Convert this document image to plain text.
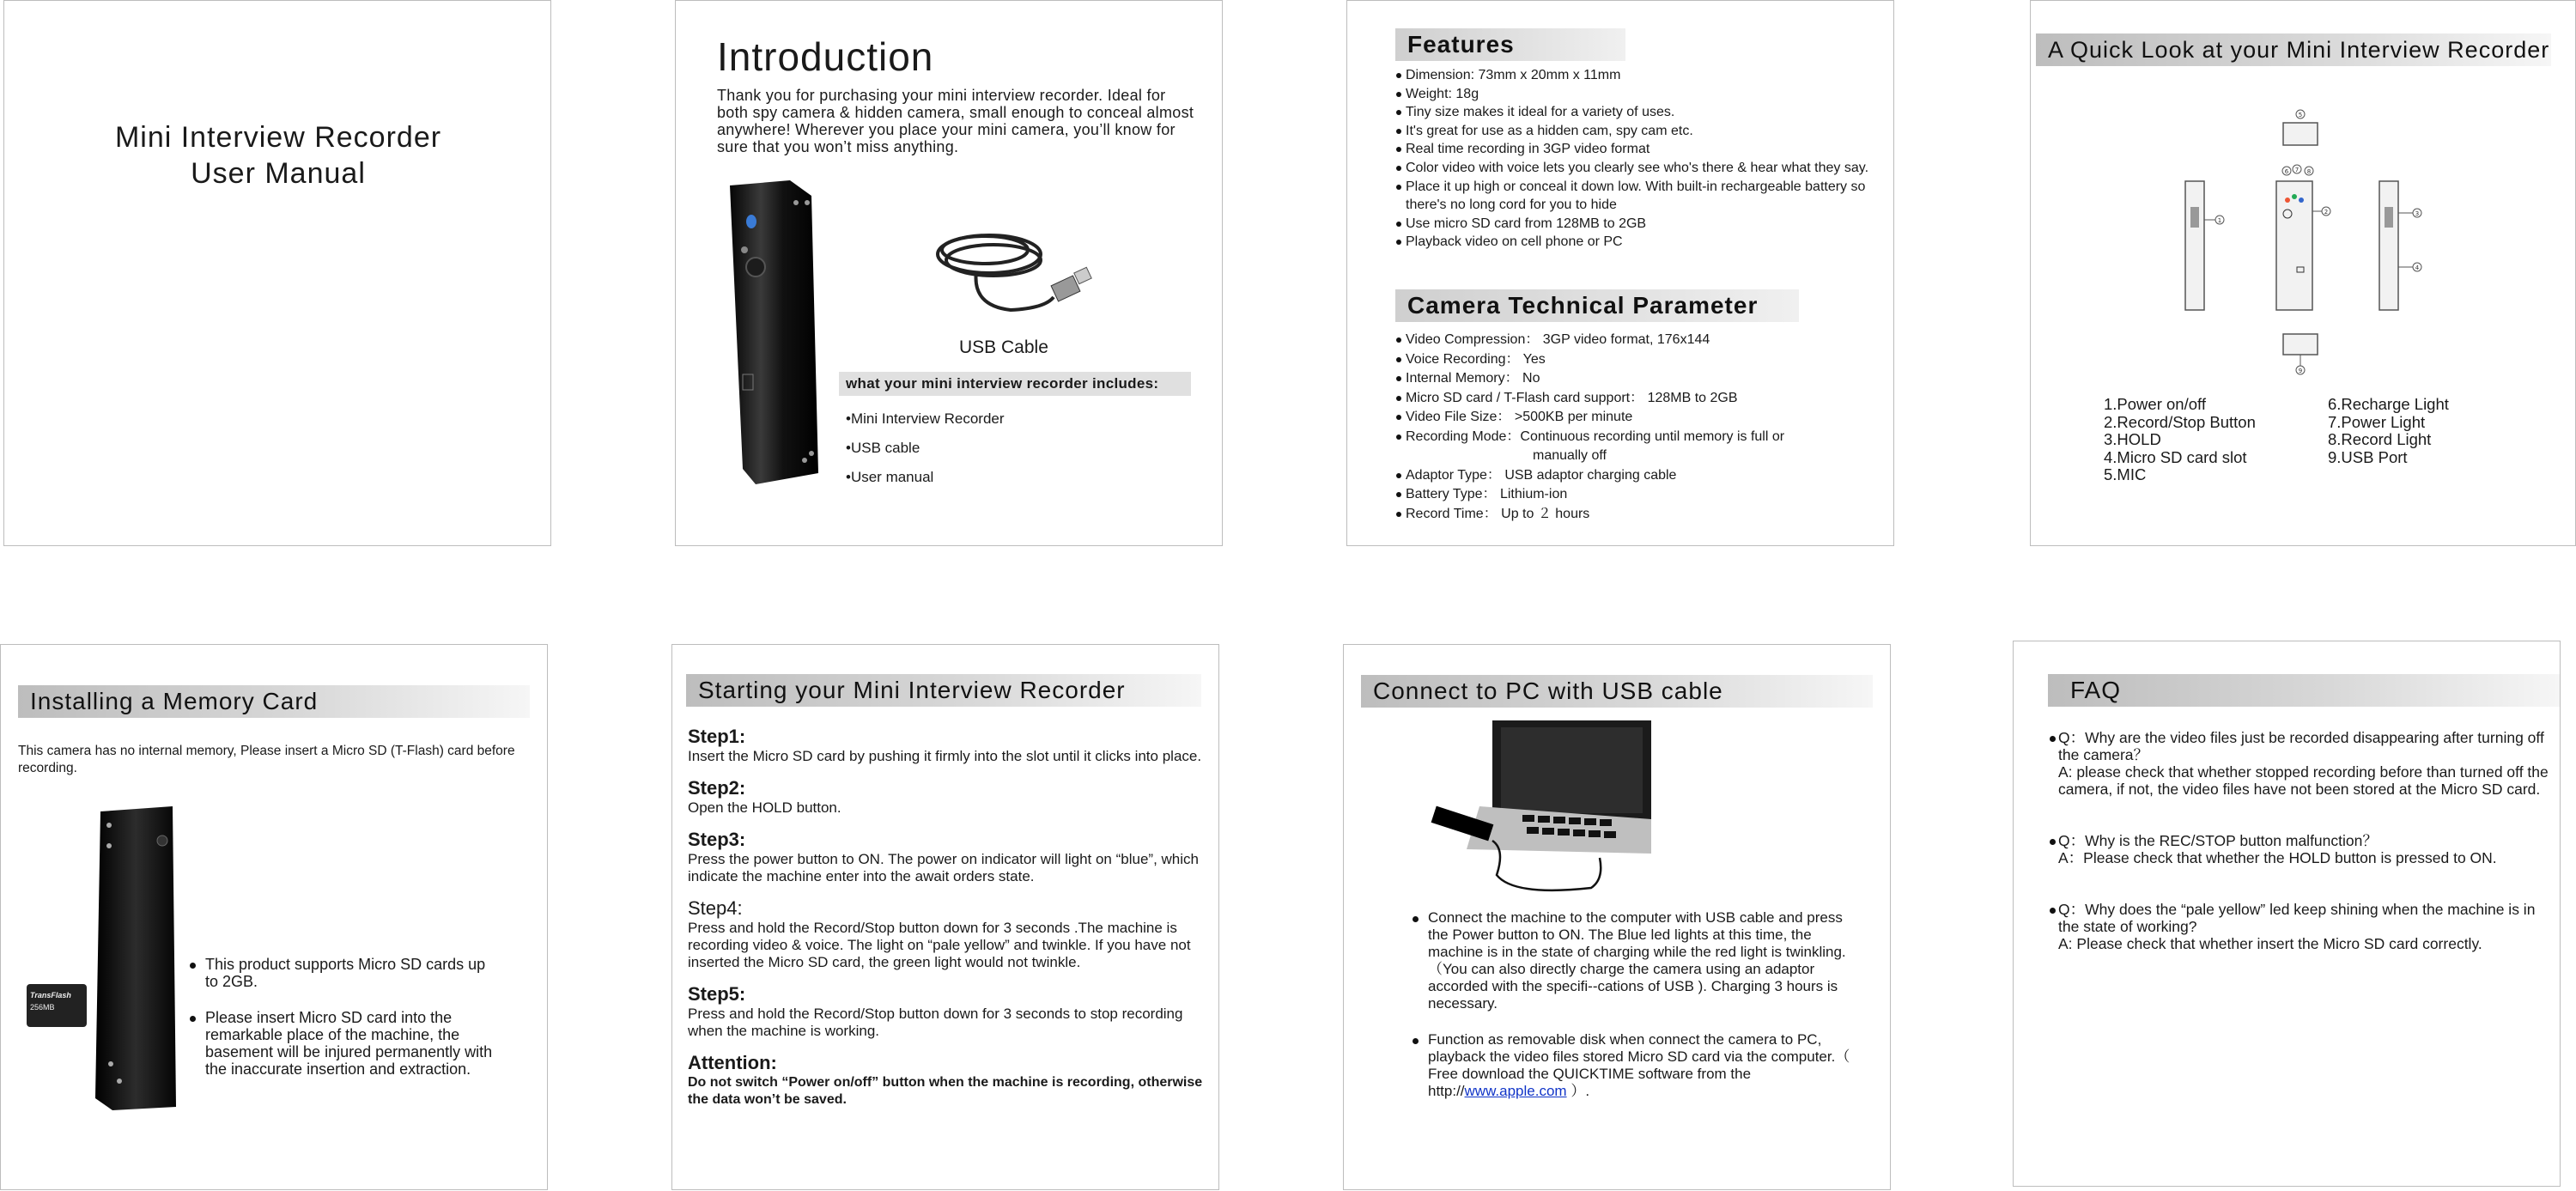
Mini Interview Recorder
User Manual
Introduction
Thank you for purchasing your mini interview recorder. Ideal for both spy camera & hidden camera, small enough to conceal almost anywhere! Wherever you place your mini camera, you’ll know for sure that you won’t miss anything.
USB Cable
what your mini interview recorder includes:
•Mini Interview Recorder
•USB cable
•User manual
Features
Dimension: 73mm x 20mm x 11mm
Weight: 18g
Tiny size makes it ideal for a variety of uses.
It's great for use as a hidden cam, spy cam etc.
Real time recording in 3GP video format
Color video with voice lets you clearly see who's there & hear what they say.
Place it up high or conceal it down low. With built-in rechargeable battery so there's no long cord for you to hide
Use micro SD card from 128MB to 2GB
Playback video on cell phone or PC
Camera Technical Parameter
Video Compression： 3GP video format, 176x144
Voice Recording： Yes
Internal Memory： No
Micro SD card / T-Flash card support： 128MB to 2GB
Video File Size： >500KB per minute
Recording Mode：Continuous recording until memory is full or
manually off
Adaptor Type： USB adaptor charging cable
Battery Type： Lithium-ion
Record Time： Up to ２ hours
A Quick Look at your Mini Interview Recorder
5
1
2	3
4
9
6 7 8
1.Power on/off
2.Record/Stop Button
3.HOLD
4.Micro SD card slot
5.MIC
6.Recharge Light
7.Power Light
8.Record Light
9.USB Port
Installing a Memory Card
This camera has no internal memory, Please insert a Micro SD (T-Flash) card before recording.
TransFlash
256MB
This product supports Micro SD cards up to 2GB.
Please insert Micro SD card into the remarkable place of the machine, the basement will be injured permanently with the inaccurate insertion and extraction.
Starting your Mini Interview Recorder
Step1:
Insert the Micro SD card by pushing it firmly into the slot until it clicks into place.
Step2:
Open the HOLD button.
Step3:
Press the power button to ON. The power on indicator will light on “blue”, which indicate the machine enter into the await orders state.
Step4:
Press and hold the Record/Stop button down for 3 seconds .The machine is recording video & voice. The light on “pale yellow” and twinkle. If you have not inserted the Micro SD card, the green light would not twinkle.
Step5:
Press and hold the Record/Stop button down for 3 seconds to stop recording when the machine is working.
Attention:
Do not switch “Power on/off” button when the machine is recording, otherwise the data won’t be saved.
Connect to PC with USB cable
Connect the machine to the computer with USB cable and press the Power button to ON. The Blue led lights at this time, the machine is in the state of charging while the red light is twinkling. （You can also directly charge the camera using an adaptor accorded with the specifi--cations of USB ). Charging 3 hours is necessary.
Function as removable disk when connect the camera to PC, playback the video files stored Micro SD card via the computer.（ Free download the QUICKTIME software from the http://www.apple.com ）.
FAQ
Q：Why are the video files just be recorded disappearing after turning off the camera？
A: please check that whether stopped recording before than turned off the camera, if not, the video files have not been stored at the Micro SD card.
Q：Why is the REC/STOP button malfunction？
A：Please check that whether the HOLD button is pressed to ON.
Q：Why does the “pale yellow” led keep shining when the machine is in the state of working?
A: Please check that whether insert the Micro SD card correctly.
